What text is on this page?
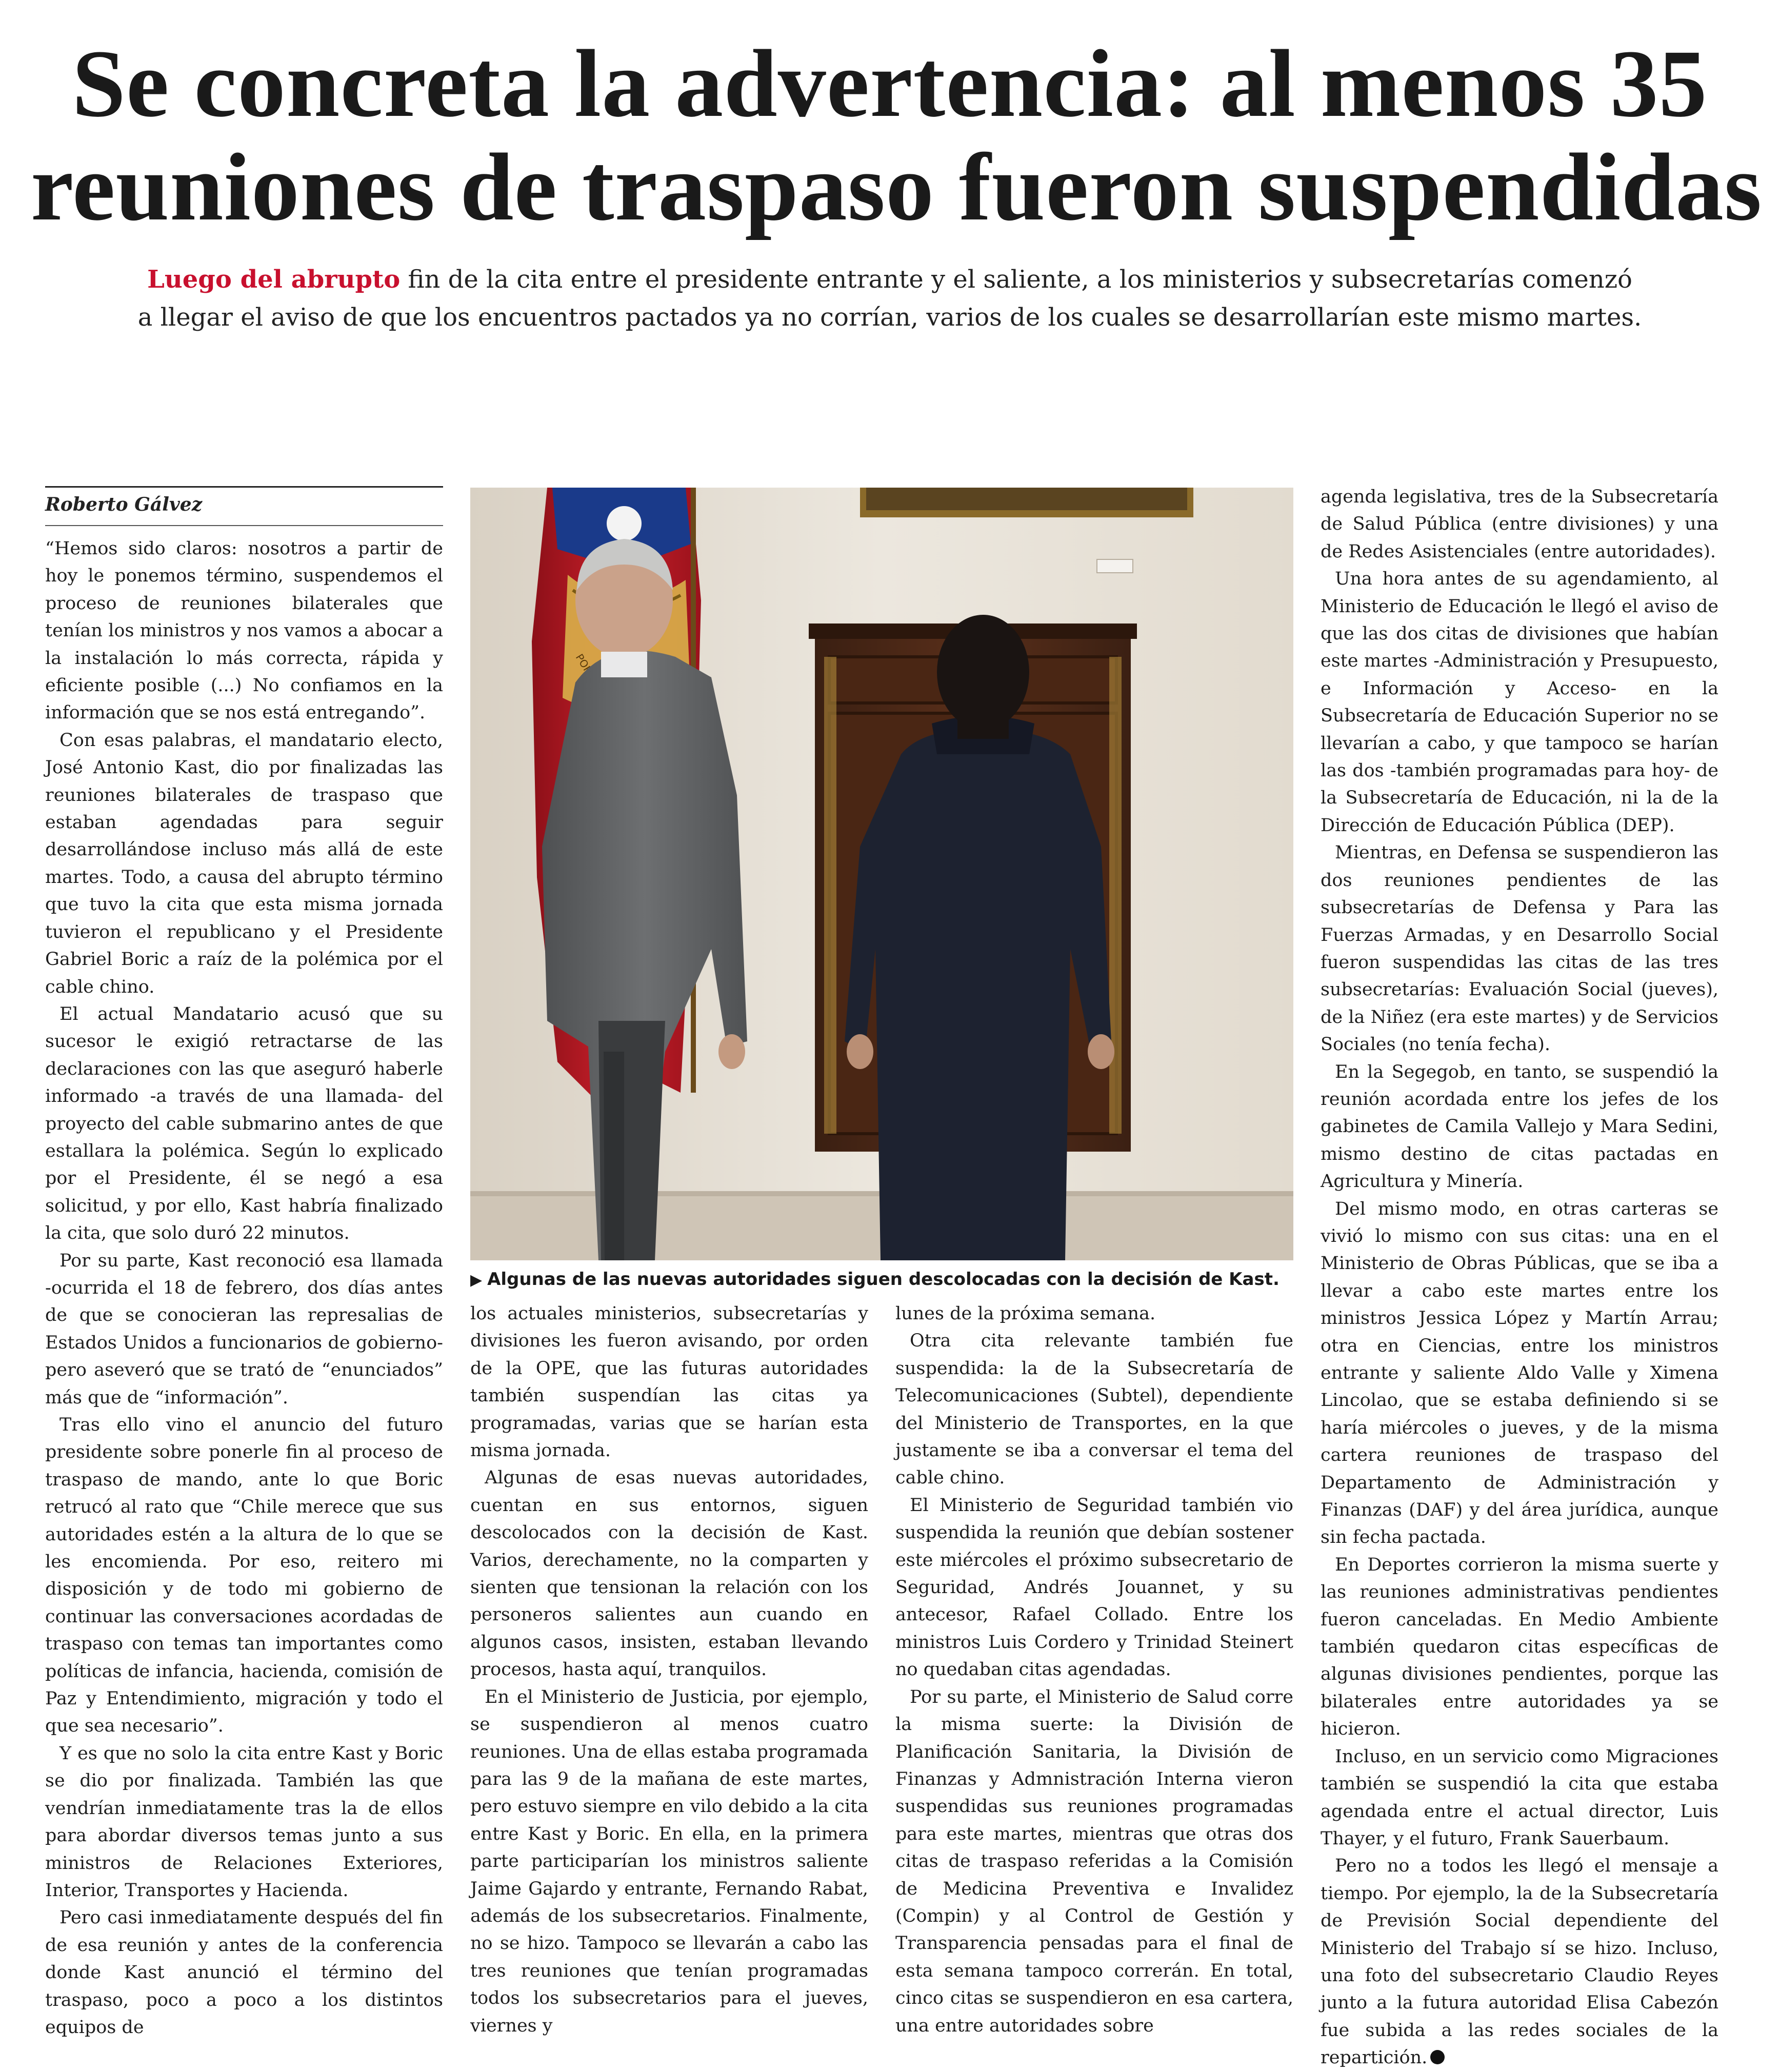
Se concreta la advertencia: al menos 35
reuniones de traspaso fueron suspendidas
Luego del abrupto fin de la cita entre el presidente entrante y el saliente, a los ministerios y subsecretarías comenzó
a llegar el aviso de que los encuentros pactados ya no corrían, varios de los cuales se desarrollarían este mismo martes.
Roberto Gálvez

“Hemos sido claros: nosotros a partir de hoy le ponemos término, suspendemos el proceso de reuniones bilaterales que tenían los ministros y nos vamos a abocar a la instalación lo más correcta, rápida y eficiente posible (...) No confiamos en la información que se nos está entregando”.

Con esas palabras, el mandatario electo, José Antonio Kast, dio por finalizadas las reuniones bilaterales de traspaso que estaban agendadas para seguir desarrollándose incluso más allá de este martes. Todo, a causa del abrupto término que tuvo la cita que esta misma jornada tuvieron el republicano y el Presidente Gabriel Boric a raíz de la polémica por el cable chino.

El actual Mandatario acusó que su sucesor le exigió retractarse de las declaraciones con las que aseguró haberle informado -a través de una llamada- del proyecto del cable submarino antes de que estallara la polémica. Según lo explicado por el Presidente, él se negó a esa solicitud, y por ello, Kast habría finalizado la cita, que solo duró 22 minutos.

Por su parte, Kast reconoció esa llamada -ocurrida el 18 de febrero, dos días antes de que se conocieran las represalias de Estados Unidos a funcionarios de gobierno- pero aseveró que se trató de “enunciados” más que de “información”.

Tras ello vino el anuncio del futuro presidente sobre ponerle fin al proceso de traspaso de mando, ante lo que Boric retrucó al rato que “Chile merece que sus autoridades estén a la altura de lo que se les encomienda. Por eso, reitero mi disposición y de todo mi gobierno de continuar las conversaciones acordadas de traspaso con temas tan importantes como políticas de infancia, hacienda, comisión de Paz y Entendimiento, migración y todo el que sea necesario”.

Y es que no solo la cita entre Kast y Boric se dio por finalizada. También las que vendrían inmediatamente tras la de ellos para abordar diversos temas junto a sus ministros de Relaciones Exteriores, Interior, Transportes y Hacienda.

Pero casi inmediatamente después del fin de esa reunión y antes de la conferencia donde Kast anunció el término del traspaso, poco a poco a los distintos equipos de

▶ Algunas de las nuevas autoridades siguen descolocadas con la decisión de Kast.

los actuales ministerios, subsecretarías y divisiones les fueron avisando, por orden de la OPE, que las futuras autoridades también suspendían las citas ya programadas, varias que se harían esta misma jornada.

Algunas de esas nuevas autoridades, cuentan en sus entornos, siguen descolocados con la decisión de Kast. Varios, derechamente, no la comparten y sienten que tensionan la relación con los personeros salientes aun cuando en algunos casos, insisten, estaban llevando procesos, hasta aquí, tranquilos.

En el Ministerio de Justicia, por ejemplo, se suspendieron al menos cuatro reuniones. Una de ellas estaba programada para las 9 de la mañana de este martes, pero estuvo siempre en vilo debido a la cita entre Kast y Boric. En ella, en la primera parte participarían los ministros saliente Jaime Gajardo y entrante, Fernando Rabat, además de los subsecretarios. Finalmente, no se hizo. Tampoco se llevarán a cabo las tres reuniones que tenían programadas todos los subsecretarios para el jueves, viernes y

lunes de la próxima semana.

Otra cita relevante también fue suspendida: la de la Subsecretaría de Telecomunicaciones (Subtel), dependiente del Ministerio de Transportes, en la que justamente se iba a conversar el tema del cable chino.

El Ministerio de Seguridad también vio suspendida la reunión que debían sostener este miércoles el próximo subsecretario de Seguridad, Andrés Jouannet, y su antecesor, Rafael Collado. Entre los ministros Luis Cordero y Trinidad Steinert no quedaban citas agendadas.

Por su parte, el Ministerio de Salud corre la misma suerte: la División de Planificación Sanitaria, la División de Finanzas y Admnistración Interna vieron suspendidas sus reuniones programadas para este martes, mientras que otras dos citas de traspaso referidas a la Comisión de Medicina Preventiva e Invalidez (Compin) y al Control de Gestión y Transparencia pensadas para el final de esta semana tampoco correrán. En total, cinco citas se suspendieron en esa cartera, una entre autoridades sobre

agenda legislativa, tres de la Subsecretaría de Salud Pública (entre divisiones) y una de Redes Asistenciales (entre autoridades).

Una hora antes de su agendamiento, al Ministerio de Educación le llegó el aviso de que las dos citas de divisiones que habían este martes -Administración y Presupuesto, e Información y Acceso- en la Subsecretaría de Educación Superior no se llevarían a cabo, y que tampoco se harían las dos -también programadas para hoy- de la Subsecretaría de Educación, ni la de la Dirección de Educación Pública (DEP).

Mientras, en Defensa se suspendieron las dos reuniones pendientes de las subsecretarías de Defensa y Para las Fuerzas Armadas, y en Desarrollo Social fueron suspendidas las citas de las tres subsecretarías: Evaluación Social (jueves), de la Niñez (era este martes) y de Servicios Sociales (no tenía fecha).

En la Segegob, en tanto, se suspendió la reunión acordada entre los jefes de los gabinetes de Camila Vallejo y Mara Sedini, mismo destino de citas pactadas en Agricultura y Minería.

Del mismo modo, en otras carteras se vivió lo mismo con sus citas: una en el Ministerio de Obras Públicas, que se iba a llevar a cabo este martes entre los ministros Jessica López y Martín Arrau; otra en Ciencias, entre los ministros entrante y saliente Aldo Valle y Ximena Lincolao, que se estaba definiendo si se haría miércoles o jueves, y de la misma cartera reuniones de traspaso del Departamento de Administración y Finanzas (DAF) y del área jurídica, aunque sin fecha pactada.

En Deportes corrieron la misma suerte y las reuniones administrativas pendientes fueron canceladas. En Medio Ambiente también quedaron citas específicas de algunas divisiones pendientes, porque las bilaterales entre autoridades ya se hicieron.

Incluso, en un servicio como Migraciones también se suspendió la cita que estaba agendada entre el actual director, Luis Thayer, y el futuro, Frank Sauerbaum.

Pero no a todos les llegó el mensaje a tiempo. Por ejemplo, la de la Subsecretaría de Previsión Social dependiente del Ministerio del Trabajo sí se hizo. Incluso, una foto del subsecretario Claudio Reyes junto a la futura autoridad Elisa Cabezón fue subida a las redes sociales de la repartición.
